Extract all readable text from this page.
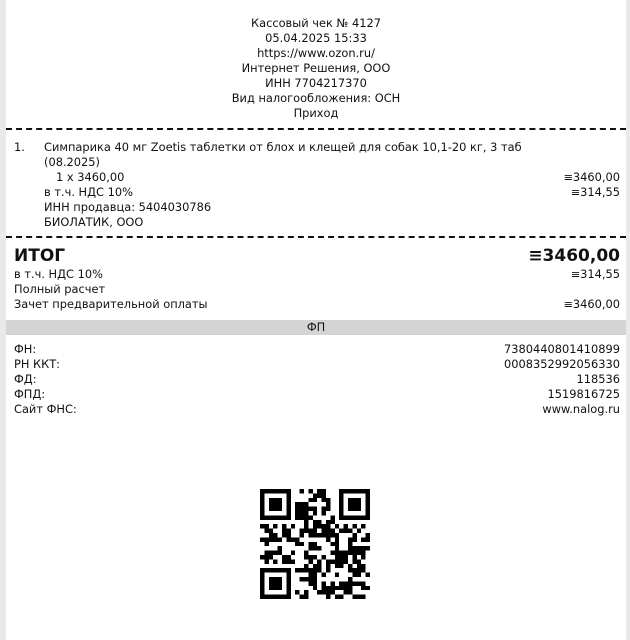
Кассовый чек № 4127
05.04.2025 15:33
https://www.ozon.ru/
Интернет Решения, ООО
ИНН 7704217370
Вид налогообложения: ОСН
Приход
1. Симпарика 40 мг Zoetis таблетки от блох и клещей для собак 10,1-20 кг, 3 таб
(08.2025)
1 x 3460,00	≡3460,00
в т.ч. НДС 10%	≡314,55
ИНН продавца: 5404030786
БИОЛАТИК, ООО
ИТОГ	≡3460,00
в т.ч. НДС 10%	≡314,55
Полный расчет
Зачет предварительной оплаты	≡3460,00
ФП
ФН:	7380440801410899
РН ККТ:	0008352992056330
ФД:	118536
ФПД:	1519816725
Сайт ФНС:	www.nalog.ru
